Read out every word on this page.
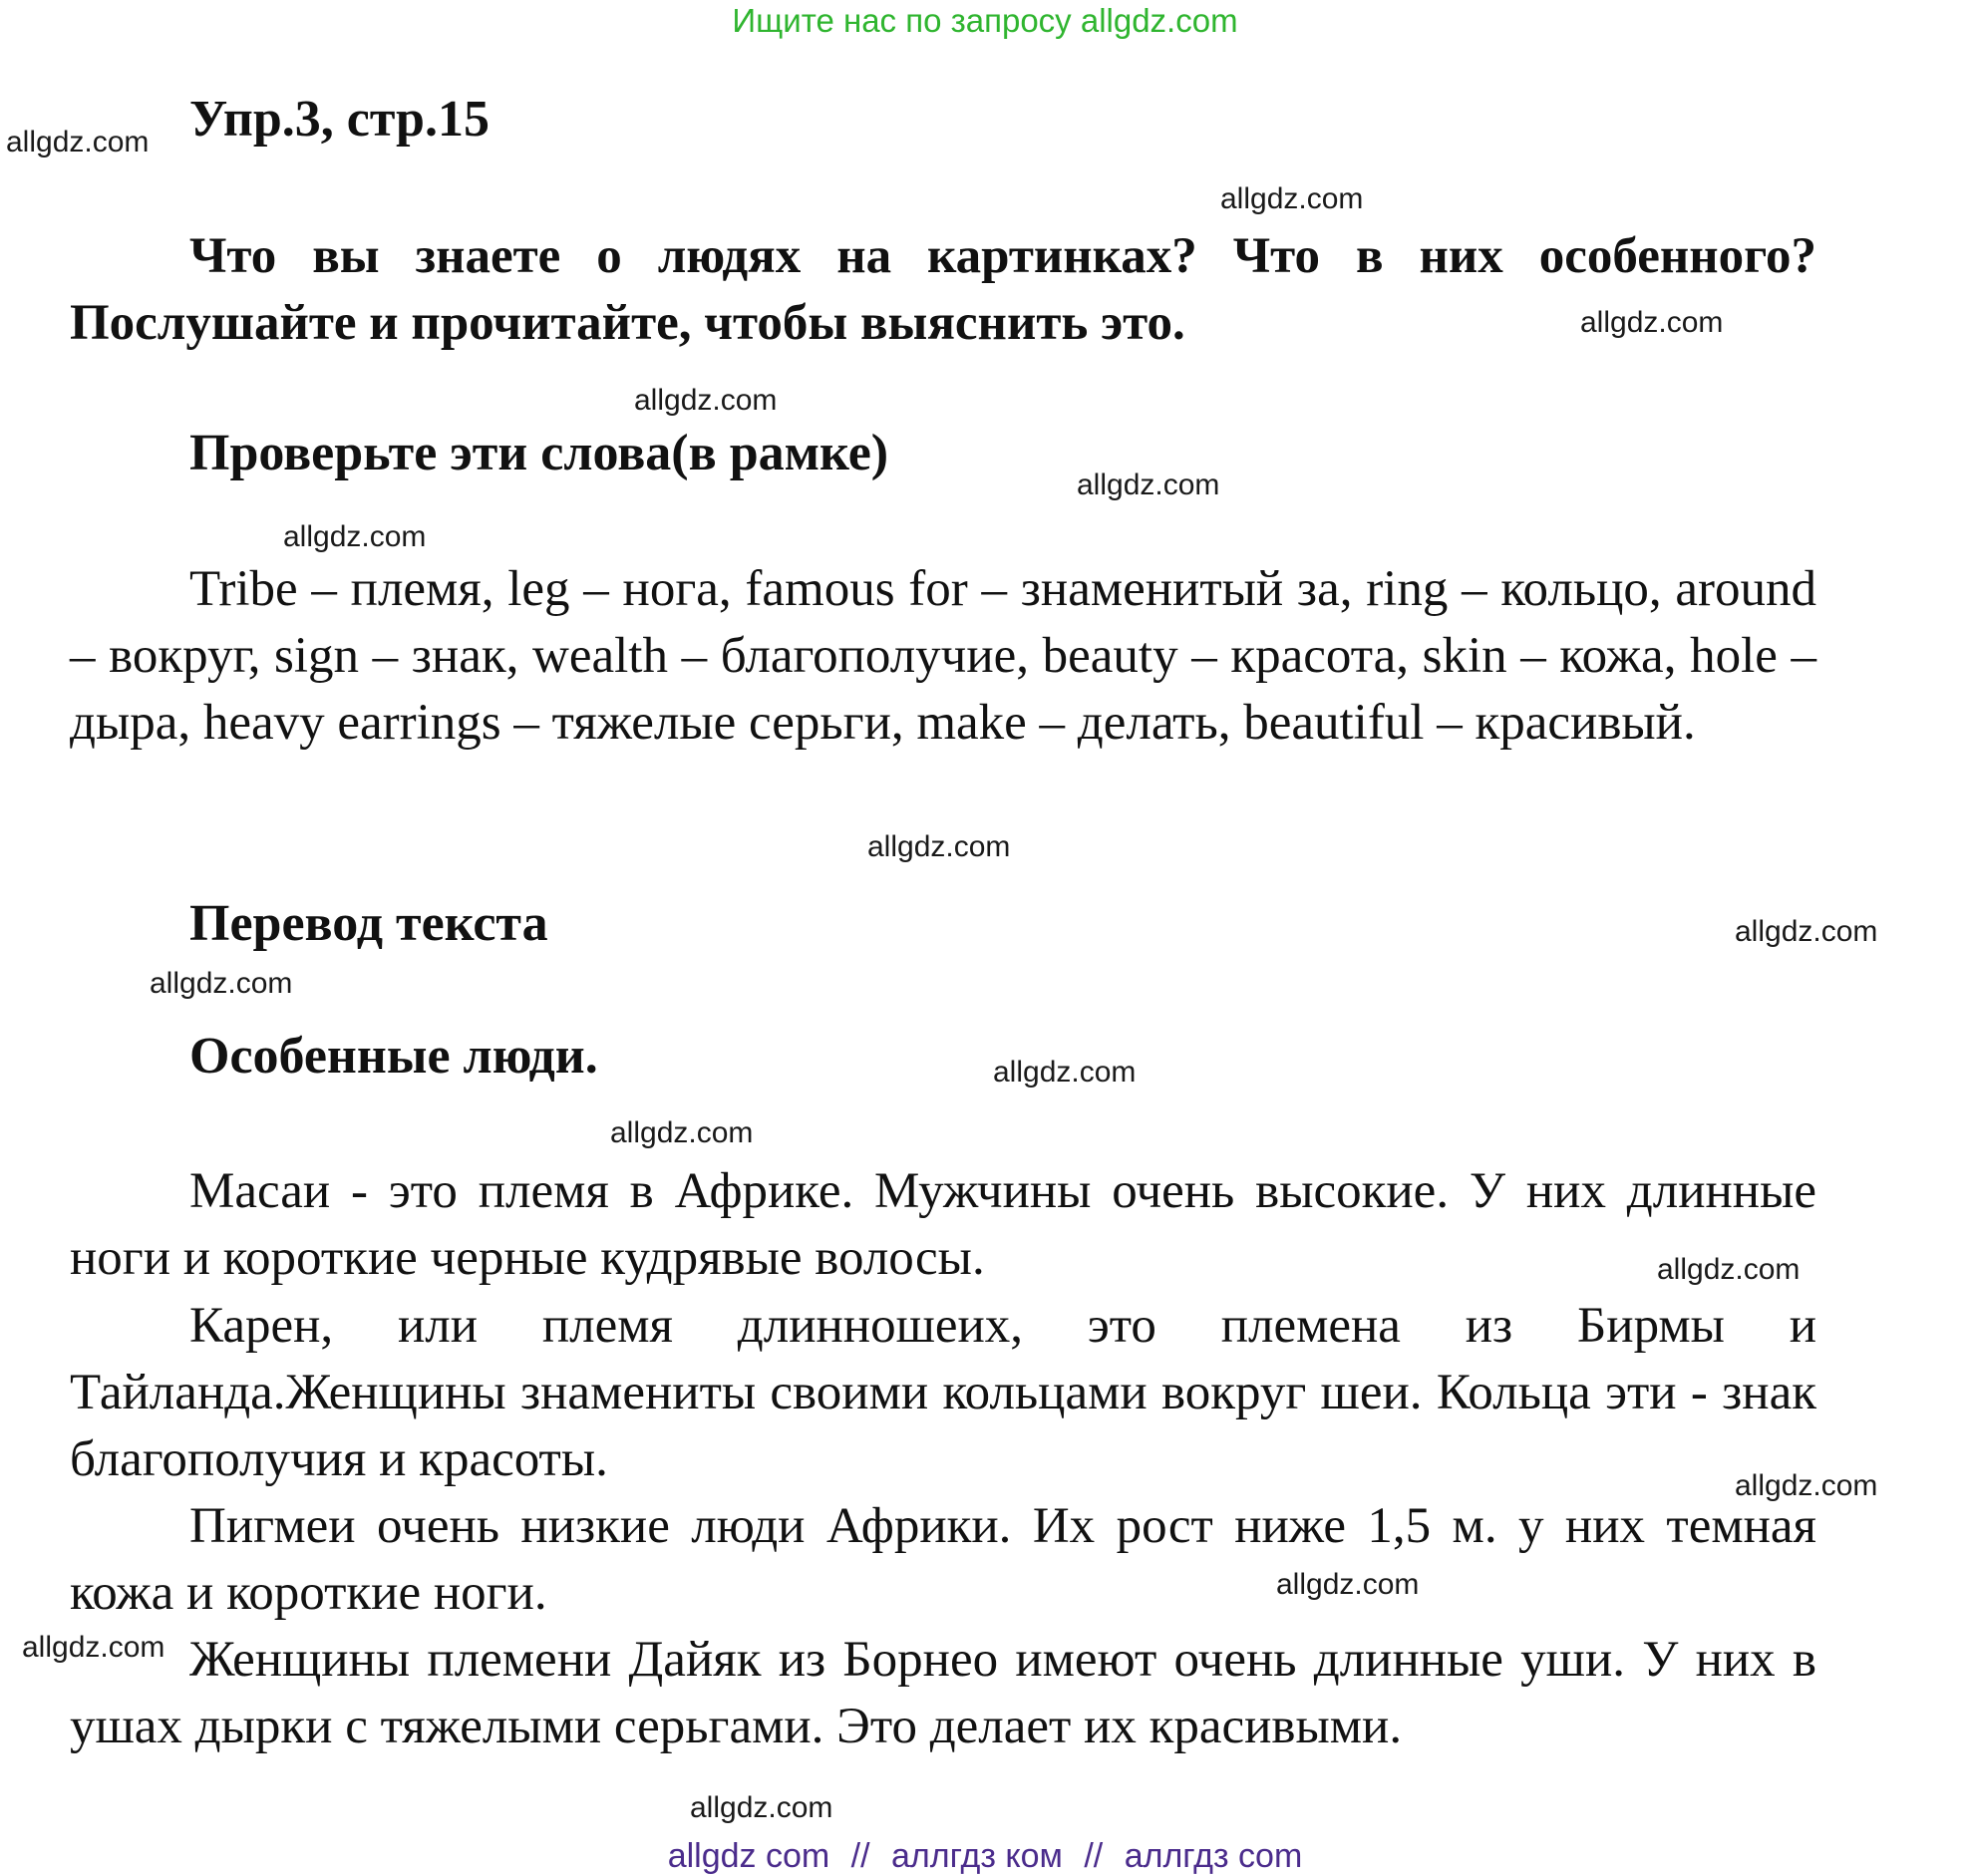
Ищите нас по запросу allgdz.com
Упр.3, стр.15
Что вы знаете о людях на картинках? Что в них особенного? Послушайте и прочитайте, чтобы выяснить это.
Проверьте эти слова(в рамке)
Tribe – племя, leg – нога, famous for – знаменитый за, ring – кольцо, around – вокруг, sign – знак, wealth – благополучие, beauty – красота, skin – кожа, hole – дыра, heavy earrings – тяжелые серьги, make – делать, beautiful – красивый.
Перевод текста
Особенные люди.
Масаи - это племя в Африке. Мужчины очень высокие. У них длинные ноги и короткие черные кудрявые волосы.
Карен, или племя длинношеих, это племена из Бирмы и Тайланда.Женщины знамениты своими кольцами вокруг шеи. Кольца эти - знак благополучия и красоты.
Пигмеи очень низкие люди Африки. Их рост ниже 1,5 м. у них темная кожа и короткие ноги.
Женщины племени Дайяк из Борнео имеют очень длинные уши. У них в ушах дырки с тяжелыми серьгами. Это делает их красивыми.
allgdz.com
allgdz.com
allgdz.com
allgdz.com
allgdz.com
allgdz.com
allgdz.com
allgdz.com
allgdz.com
allgdz.com
allgdz.com
allgdz.com
allgdz.com
allgdz.com
allgdz.com
allgdz.com
allgdz com // аллгдз ком // аллгдз com
